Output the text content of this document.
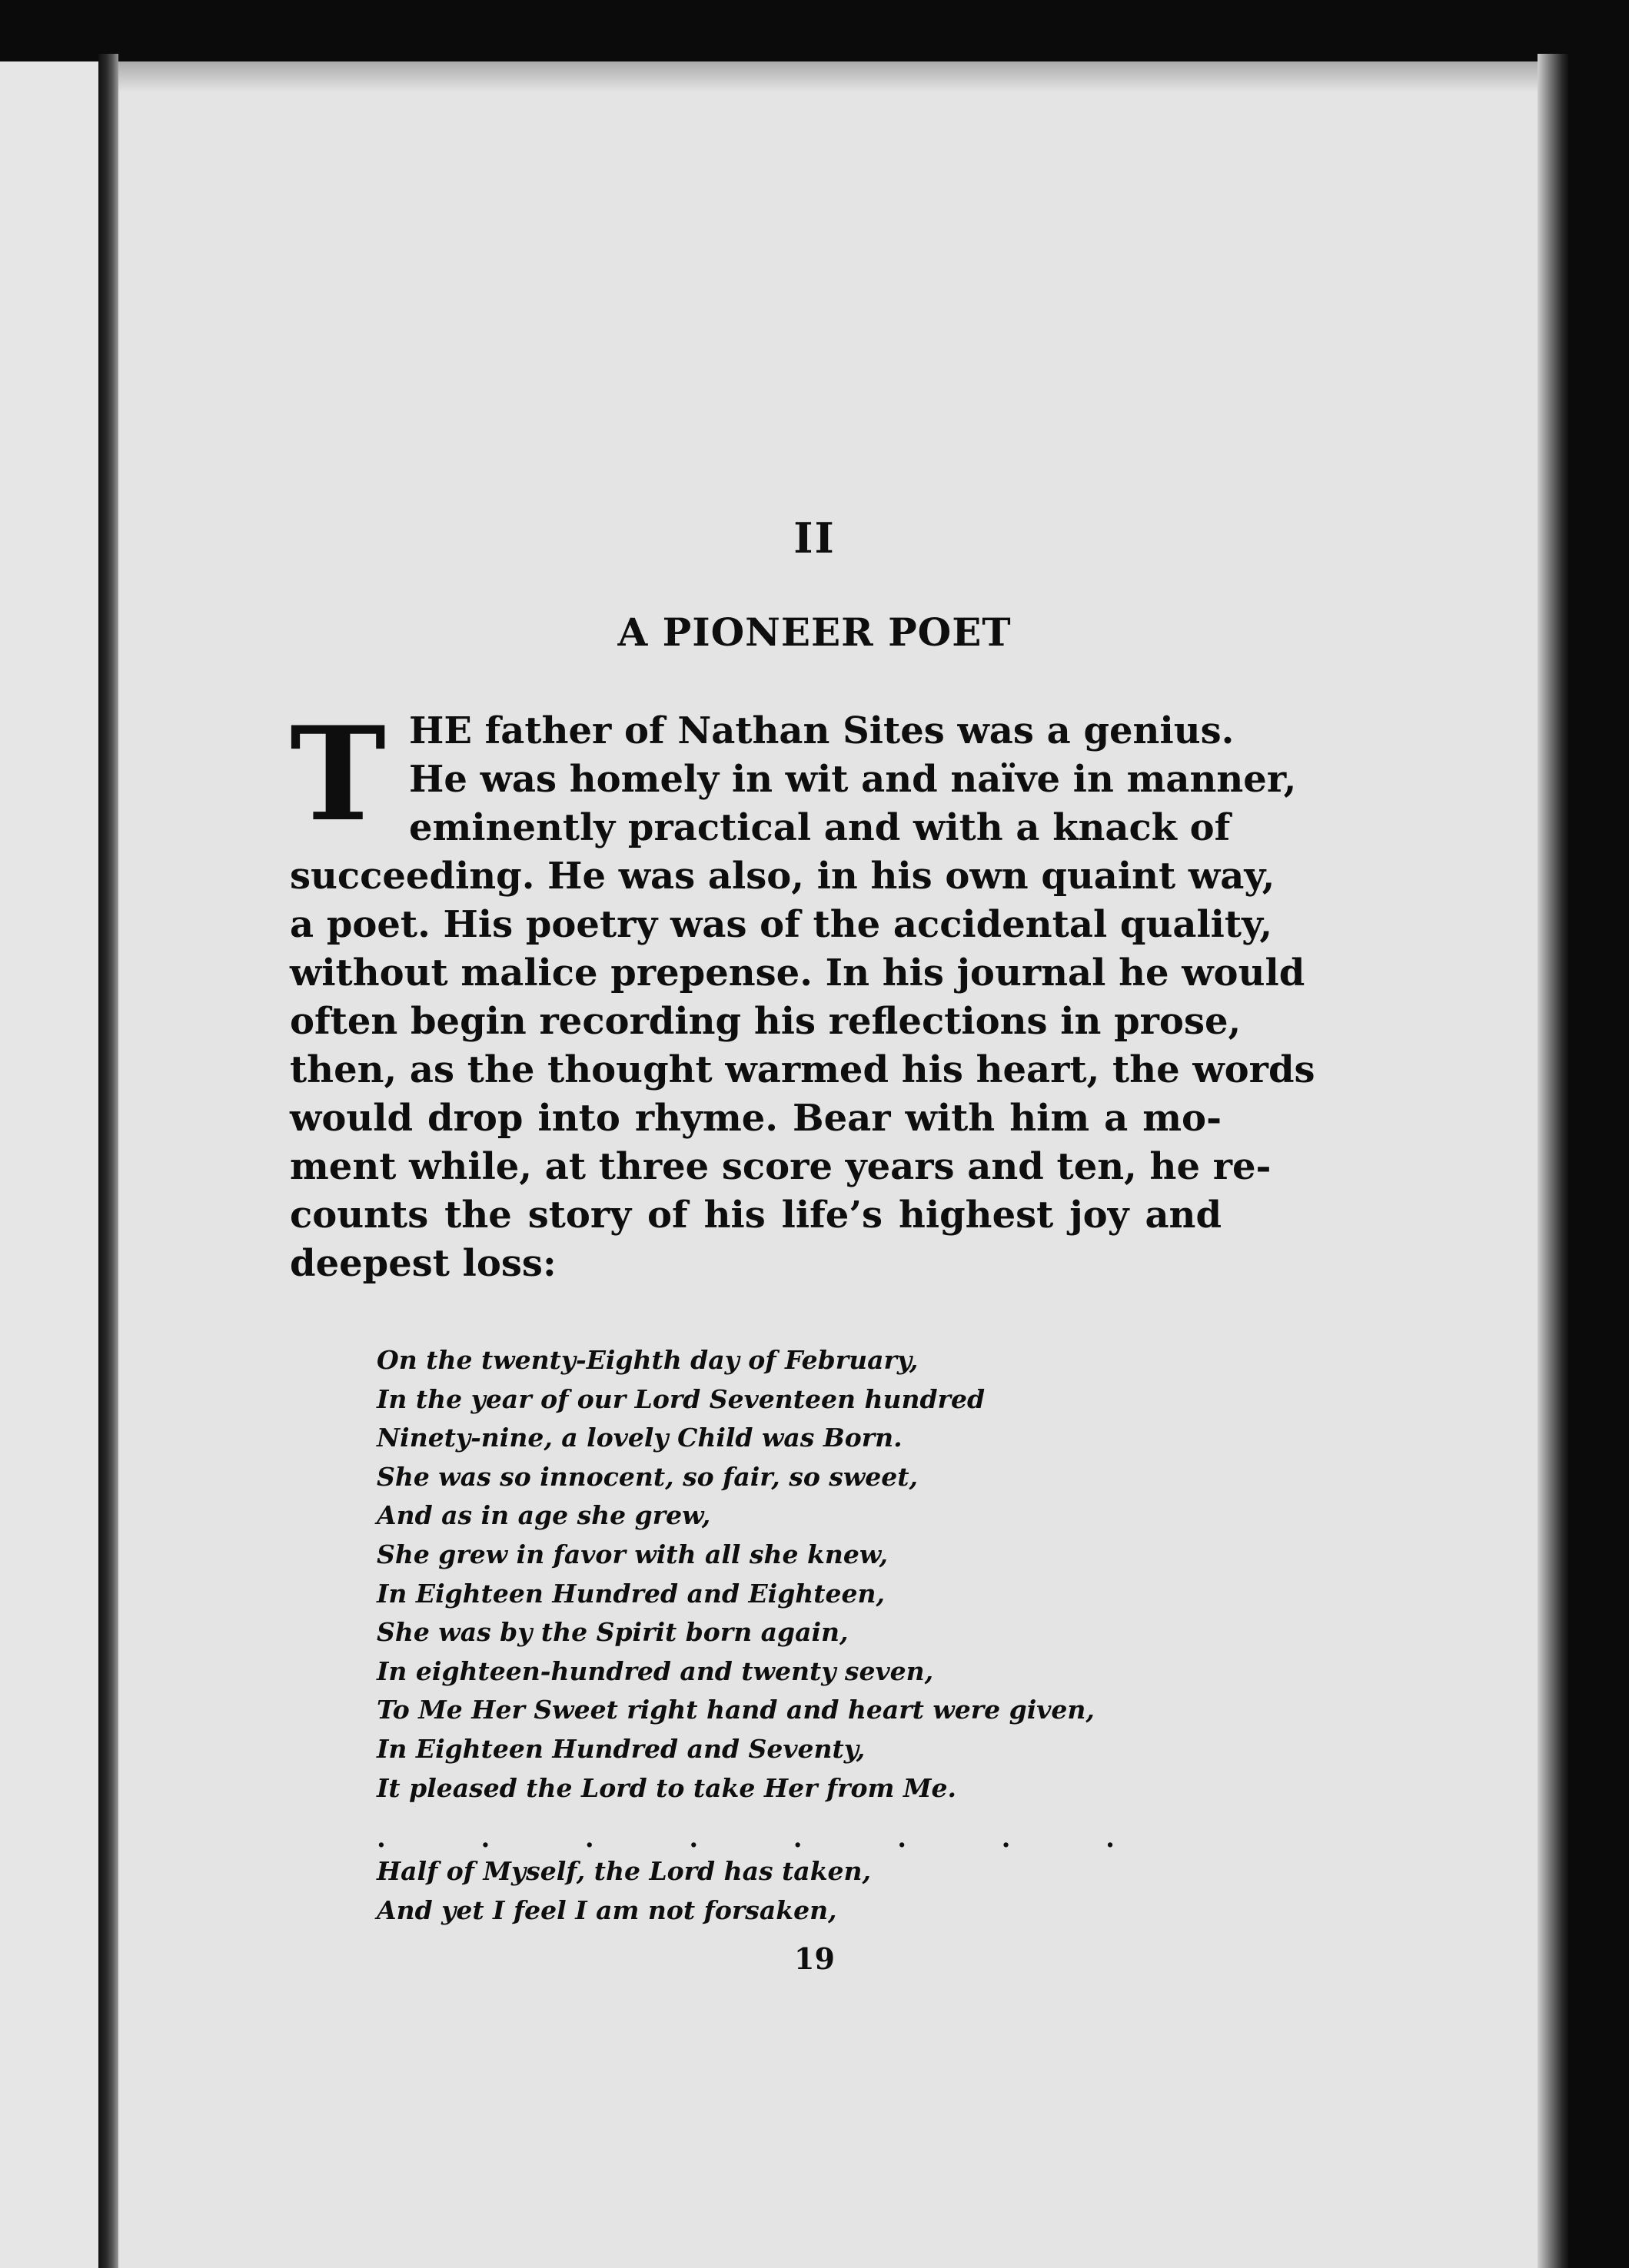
II
A PIONEER POET
T HE father of Nathan Sites was a genius.
He was homely in wit and naïve in manner,
eminently practical and with a knack of
succeeding. He was also, in his own quaint way,
a poet. His poetry was of the accidental quality,
without malice prepense. In his journal he would
often begin recording his reflections in prose,
then, as the thought warmed his heart, the words
would drop into rhyme. Bear with him a mo-
ment while, at three score years and ten, he re-
counts the story of his life’s highest joy and
deepest loss:
On the twenty-Eighth day of February,
In the year of our Lord Seventeen hundred
Ninety-nine, a lovely Child was Born.
She was so innocent, so fair, so sweet,
And as in age she grew,
She grew in favor with all she knew,
In Eighteen Hundred and Eighteen,
She was by the Spirit born again,
In eighteen-hundred and twenty seven,
To Me Her Sweet right hand and heart were given,
In Eighteen Hundred and Seventy,
It pleased the Lord to take Her from Me.
.	.	.	.	.	.	.	.
Half of Myself, the Lord has taken,
And yet I feel I am not forsaken,
19
